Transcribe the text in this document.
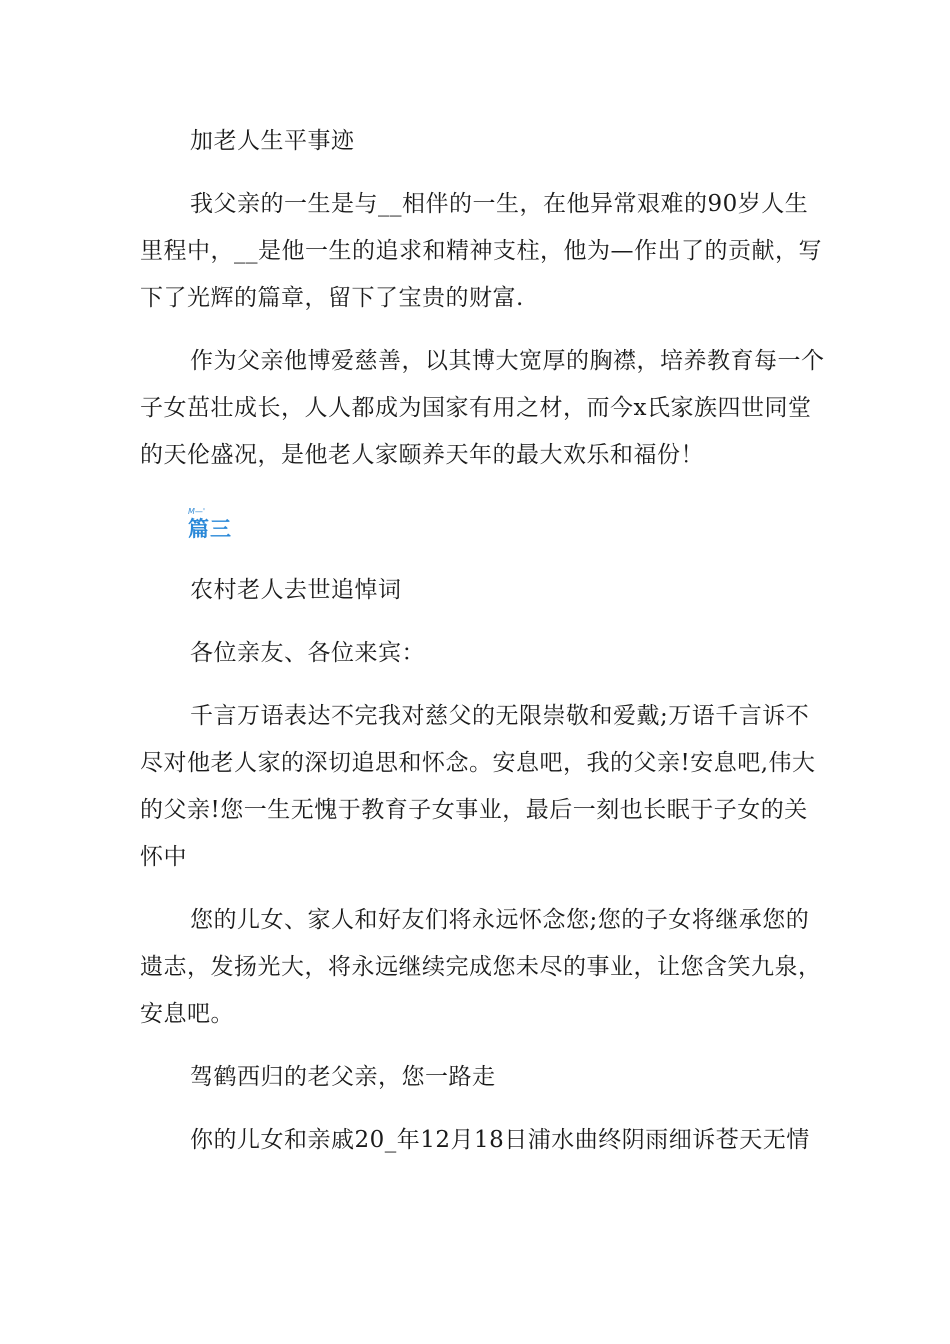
加老人生平事迹

我父亲的一生是与__相伴的一生，在他异常艰难的90岁人生里程中，__是他一生的追求和精神支柱，他为—作出了的贡献，写下了光辉的篇章，留下了宝贵的财富.

作为父亲他博爱慈善，以其博大宽厚的胸襟，培养教育每一个子女茁壮成长，人人都成为国家有用之材，而今x氏家族四世同堂的天伦盛况，是他老人家颐养天年的最大欢乐和福份！

M—'
篇三

农村老人去世追悼词

各位亲友、各位来宾：

千言万语表达不完我对慈父的无限崇敬和爱戴;万语千言诉不尽对他老人家的深切追思和怀念。安息吧，我的父亲!安息吧,伟大的父亲!您一生无愧于教育子女事业，最后一刻也长眠于子女的关怀中

您的儿女、家人和好友们将永远怀念您;您的子女将继承您的遗志，发扬光大，将永远继续完成您未尽的事业，让您含笑九泉，安息吧。

驾鹤西归的老父亲，您一路走

你的儿女和亲戚20_年12月18日浦水曲终阴雨细诉苍天无情
